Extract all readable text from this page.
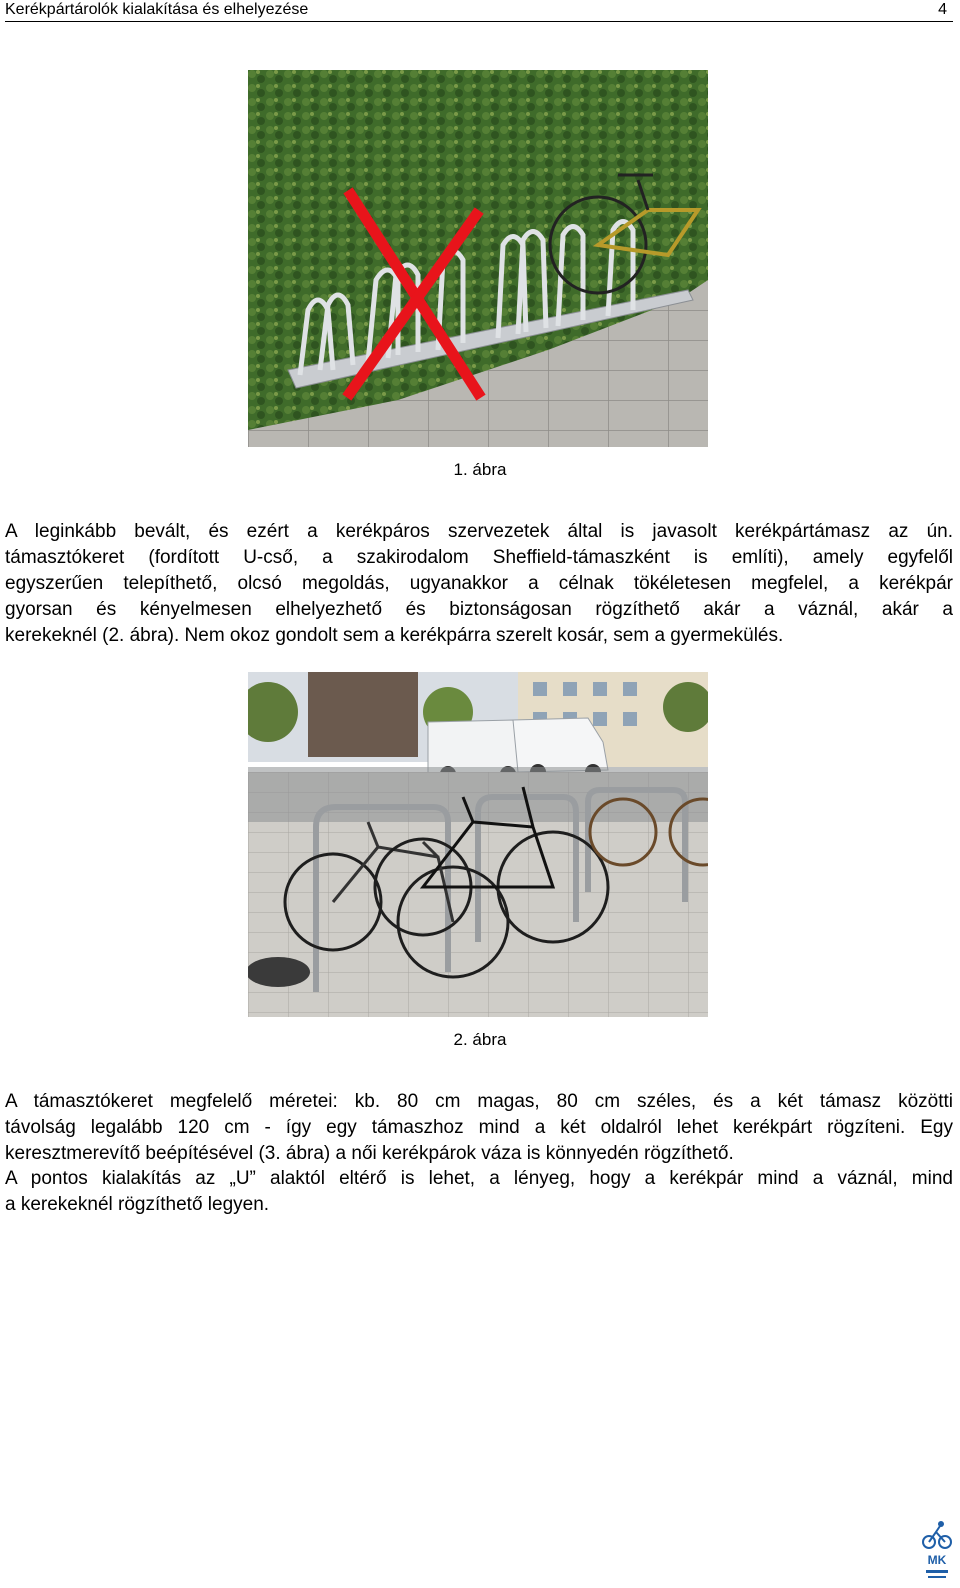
Kerékpártárolók kialakítása és elhelyezése	4
1. ábra

A leginkább bevált, és ezért a kerékpáros szervezetek által is javasolt kerékpártámasz az ún.
támasztókeret (fordított U-cső, a szakirodalom Sheffield-támaszként is említi), amely egyfelől
egyszerűen telepíthető, olcsó megoldás, ugyanakkor a célnak tökéletesen megfelel, a kerékpár
gyorsan és kényelmesen elhelyezhető és biztonságosan rögzíthető akár a váznál, akár a
kerekeknél (2. ábra). Nem okoz gondolt sem a kerékpárra szerelt kosár, sem a gyermekülés.

2. ábra

A támasztókeret megfelelő méretei: kb. 80 cm magas, 80 cm széles, és a két támasz közötti
távolság legalább 120 cm - így egy támaszhoz mind a két oldalról lehet kerékpárt rögzíteni. Egy
keresztmerevítő beépítésével (3. ábra) a női kerékpárok váza is könnyedén rögzíthető.

A pontos kialakítás az „U” alaktól eltérő is lehet, a lényeg, hogy a kerékpár mind a váznál, mind
a kerekeknél rögzíthető legyen.

MK
